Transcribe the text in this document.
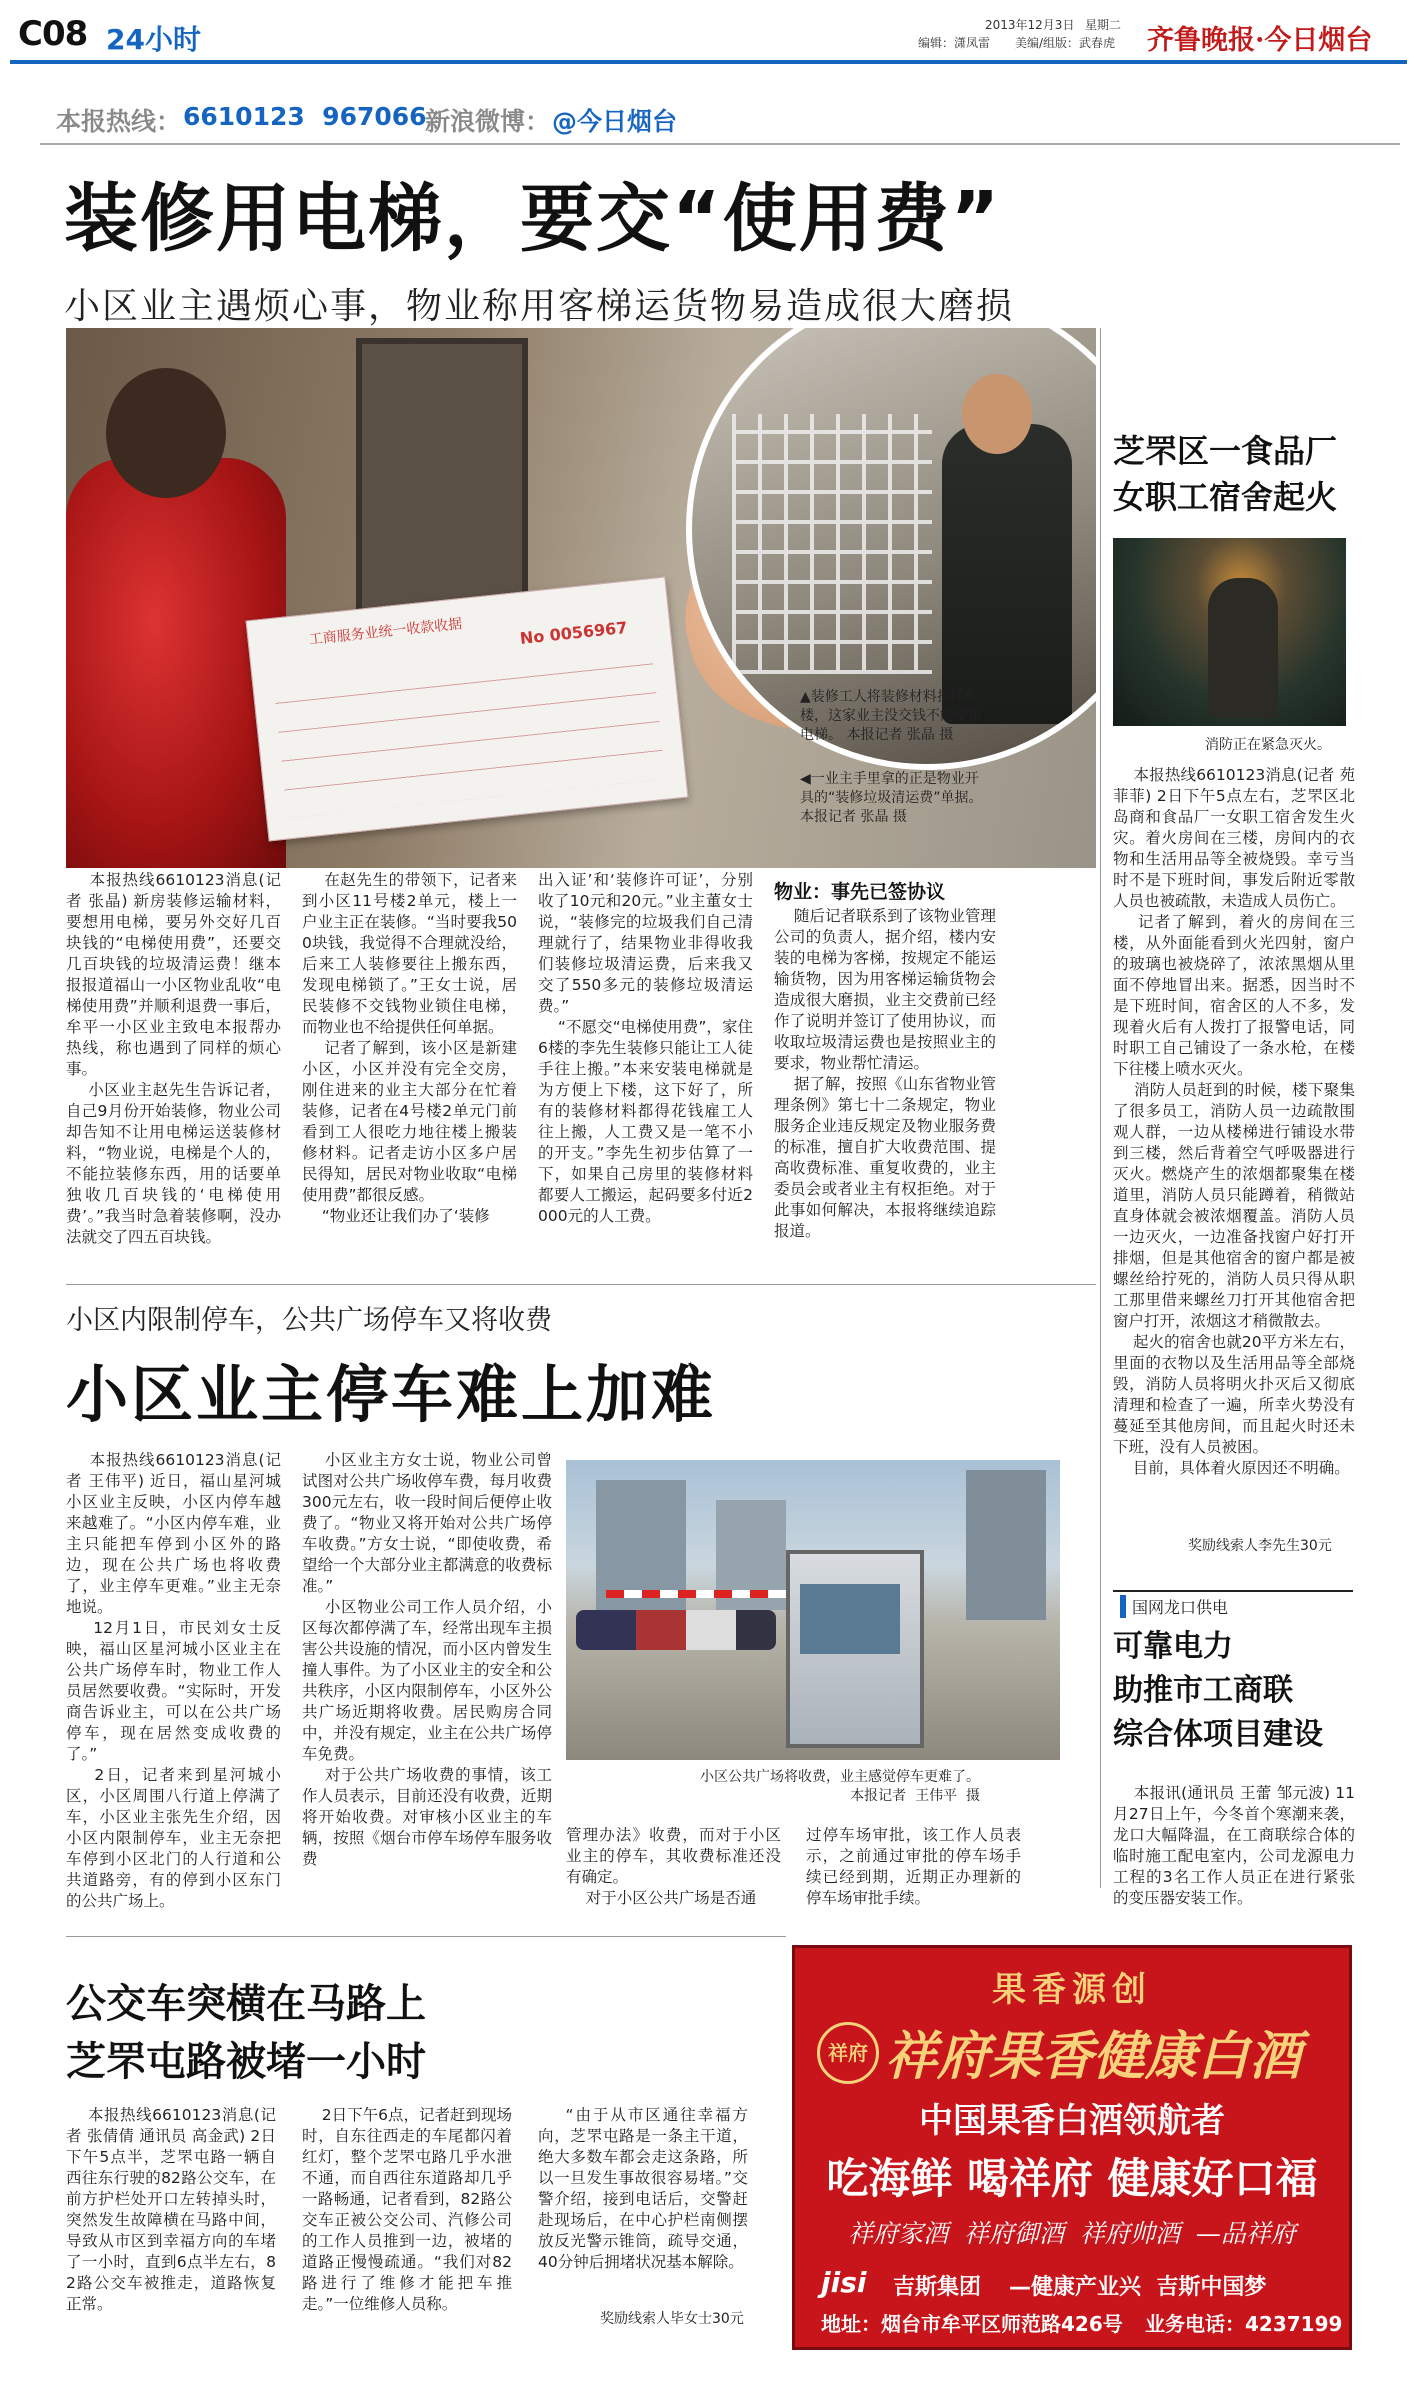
C08 24小时	2013年12月3日 星期二
编辑：潇凤雷 美编/组版：武春虎 齐鲁晚报·今日烟台
本报热线： 6610123  967066
新浪微博： @今日烟台
装修用电梯，要交“使用费”
小区业主遇烦心事，物业称用客梯运货物易造成很大磨损
工商服务业统一收款收据	No 0056967
▲装修工人将装修材料扛往6楼，这家业主没交钱不能使用电梯。 本报记者 张晶 摄
◀一业主手里拿的正是物业开具的“装修垃圾清运费”单据。 本报记者 张晶 摄
本报热线6610123消息(记者 张晶) 新房装修运输材料，要想用电梯，要另外交好几百块钱的“电梯使用费”，还要交几百块钱的垃圾清运费！继本报报道福山一小区物业乱收“电梯使用费”并顺利退费一事后，牟平一小区业主致电本报帮办热线，称也遇到了同样的烦心事。
小区业主赵先生告诉记者，自己9月份开始装修，物业公司却告知不让用电梯运送装修材料，“物业说，电梯是个人的，不能拉装修东西，用的话要单独收几百块钱的‘电梯使用费’。”我当时急着装修啊，没办法就交了四五百块钱。
在赵先生的带领下，记者来到小区11号楼2单元，楼上一户业主正在装修。“当时要我500块钱，我觉得不合理就没给，后来工人装修要往上搬东西，发现电梯锁了。”王女士说，居民装修不交钱物业锁住电梯，而物业也不给提供任何单据。
记者了解到，该小区是新建小区，小区并没有完全交房，刚住进来的业主大部分在忙着装修，记者在4号楼2单元门前看到工人很吃力地往楼上搬装修材料。记者走访小区多户居民得知，居民对物业收取“电梯使用费”都很反感。
“物业还让我们办了‘装修
出入证’和‘装修许可证’，分别收了10元和20元。”业主董女士说，“装修完的垃圾我们自己清理就行了，结果物业非得收我们装修垃圾清运费，后来我又交了550多元的装修垃圾清运费。”
“不愿交“电梯使用费”，家住6楼的李先生装修只能让工人徒手往上搬。”本来安装电梯就是为方便上下楼，这下好了，所有的装修材料都得花钱雇工人往上搬，人工费又是一笔不小的开支。”李先生初步估算了一下，如果自己房里的装修材料都要人工搬运，起码要多付近2000元的人工费。
物业：事先已签协议
随后记者联系到了该物业管理公司的负责人，据介绍，楼内安装的电梯为客梯，按规定不能运输货物，因为用客梯运输货物会造成很大磨损，业主交费前已经作了说明并签订了使用协议，而收取垃圾清运费也是按照业主的要求，物业帮忙清运。
据了解，按照《山东省物业管理条例》第七十二条规定，物业服务企业违反规定及物业服务费的标准，擅自扩大收费范围、提高收费标准、重复收费的，业主委员会或者业主有权拒绝。对于此事如何解决，本报将继续追踪报道。
芝罘区一食品厂
女职工宿舍起火
消防正在紧急灭火。
本报热线6610123消息(记者 苑菲菲) 2日下午5点左右，芝罘区北岛商和食品厂一女职工宿舍发生火灾。着火房间在三楼，房间内的衣物和生活用品等全被烧毁。幸亏当时不是下班时间，事发后附近零散人员也被疏散，未造成人员伤亡。
记者了解到，着火的房间在三楼，从外面能看到火光四射，窗户的玻璃也被烧碎了，浓浓黑烟从里面不停地冒出来。据悉，因当时不是下班时间，宿舍区的人不多，发现着火后有人拨打了报警电话，同时职工自己铺设了一条水枪，在楼下往楼上喷水灭火。
消防人员赶到的时候，楼下聚集了很多员工，消防人员一边疏散围观人群，一边从楼梯进行铺设水带到三楼，然后背着空气呼吸器进行灭火。燃烧产生的浓烟都聚集在楼道里，消防人员只能蹲着，稍微站直身体就会被浓烟覆盖。消防人员一边灭火，一边准备找窗户好打开排烟，但是其他宿舍的窗户都是被螺丝给拧死的，消防人员只得从职工那里借来螺丝刀打开其他宿舍把窗户打开，浓烟这才稍微散去。
起火的宿舍也就20平方米左右，里面的衣物以及生活用品等全部烧毁，消防人员将明火扑灭后又彻底清理和检查了一遍，所幸火势没有蔓延至其他房间，而且起火时还未下班，没有人员被困。
目前，具体着火原因还不明确。
奖励线索人李先生30元
国网龙口供电
可靠电力
助推市工商联
综合体项目建设
本报讯(通讯员 王蕾 邹元波) 11月27日上午，今冬首个寒潮来袭，龙口大幅降温，在工商联综合体的临时施工配电室内，公司龙源电力工程的3名工作人员正在进行紧张的变压器安装工作。
小区内限制停车，公共广场停车又将收费
小区业主停车难上加难
本报热线6610123消息(记者 王伟平) 近日，福山星河城小区业主反映，小区内停车越来越难了。“小区内停车难，业主只能把车停到小区外的路边，现在公共广场也将收费了，业主停车更难。”业主无奈地说。
12月1日，市民刘女士反映，福山区星河城小区业主在公共广场停车时，物业工作人员居然要收费。“实际时，开发商告诉业主，可以在公共广场停车，现在居然变成收费的了。”
2日，记者来到星河城小区，小区周围八行道上停满了车，小区业主张先生介绍，因小区内限制停车，业主无奈把车停到小区北门的人行道和公共道路旁，有的停到小区东门的公共广场上。
小区业主方女士说，物业公司曾试图对公共广场收停车费，每月收费300元左右，收一段时间后便停止收费了。“物业又将开始对公共广场停车收费。”方女士说，“即使收费，希望给一个大部分业主都满意的收费标准。”
小区物业公司工作人员介绍，小区每次都停满了车，经常出现车主损害公共设施的情况，而小区内曾发生撞人事件。为了小区业主的安全和公共秩序，小区内限制停车，小区外公共广场近期将收费。居民购房合同中，并没有规定，业主在公共广场停车免费。
对于公共广场收费的事情，该工作人员表示，目前还没有收费，近期将开始收费。对审核小区业主的车辆，按照《烟台市停车场停车服务收费
小区公共广场将收费，业主感觉停车更难了。
本报记者  王伟平  摄
管理办法》收费，而对于小区业主的停车，其收费标准还没有确定。
对于小区公共广场是否通
过停车场审批，该工作人员表示，之前通过审批的停车场手续已经到期，近期正办理新的停车场审批手续。
公交车突横在马路上
芝罘屯路被堵一小时
本报热线6610123消息(记者 张倩倩 通讯员 高金武) 2日下午5点半，芝罘屯路一辆自西往东行驶的82路公交车，在前方护栏处开口左转掉头时，突然发生故障横在马路中间，导致从市区到幸福方向的车堵了一小时，直到6点半左右，82路公交车被推走，道路恢复正常。
2日下午6点，记者赶到现场时，自东往西走的车尾都闪着红灯，整个芝罘屯路几乎水泄不通，而自西往东道路却几乎一路畅通，记者看到，82路公交车正被公交公司、汽修公司的工作人员推到一边，被堵的道路正慢慢疏通。“我们对82路进行了维修才能把车推走。”一位维修人员称。
“由于从市区通往幸福方向，芝罘屯路是一条主干道，绝大多数车都会走这条路，所以一旦发生事故很容易堵。”交警介绍，接到电话后，交警赶赴现场后，在中心护栏南侧摆放反光警示锥筒，疏导交通，40分钟后拥堵状况基本解除。
奖励线索人毕女士30元
果香源创
祥府 祥府果香健康白酒
中国果香白酒领航者
吃海鲜 喝祥府 健康好口福
祥府家酒  祥府御酒  祥府帅酒  —品祥府
jisi 吉斯集团 —健康产业兴  吉斯中国梦
地址：烟台市牟平区师范路426号 业务电话：4237199
